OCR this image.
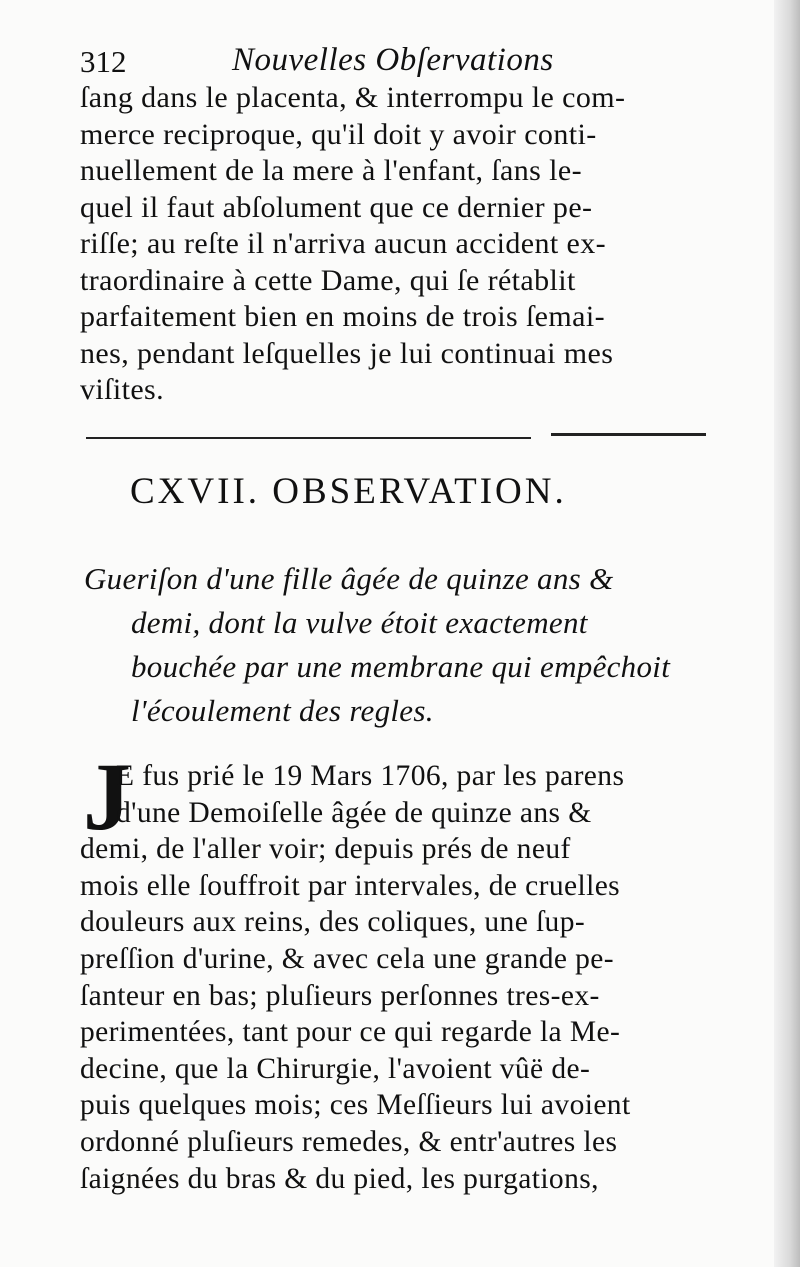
312	Nouvelles Obſervations
ſang dans le placenta, & interrompu le com-
merce reciproque, qu'il doit y avoir conti-
nuellement de la mere à l'enfant, ſans le-
quel il faut abſolument que ce dernier pe-
riſſe; au reſte il n'arriva aucun accident ex-
traordinaire à cette Dame, qui ſe rétablit
parfaitement bien en moins de trois ſemai-
nes, pendant leſquelles je lui continuai mes
viſites.
CXVII. OBSERVATION.
Gueriſon d'une fille âgée de quinze ans &
demi, dont la vulve étoit exactement
bouchée par une membrane qui empêchoit
l'écoulement des regles.
J
E fus prié le 19 Mars 1706, par les parens
d'une Demoiſelle âgée de quinze ans &
demi, de l'aller voir; depuis prés de neuf
mois elle ſouffroit par intervales, de cruelles
douleurs aux reins, des coliques, une ſup-
preſſion d'urine, & avec cela une grande pe-
ſanteur en bas; pluſieurs perſonnes tres-ex-
perimentées, tant pour ce qui regarde la Me-
decine, que la Chirurgie, l'avoient vûë de-
puis quelques mois; ces Meſſieurs lui avoient
ordonné pluſieurs remedes, & entr'autres les
ſaignées du bras & du pied, les purgations,
